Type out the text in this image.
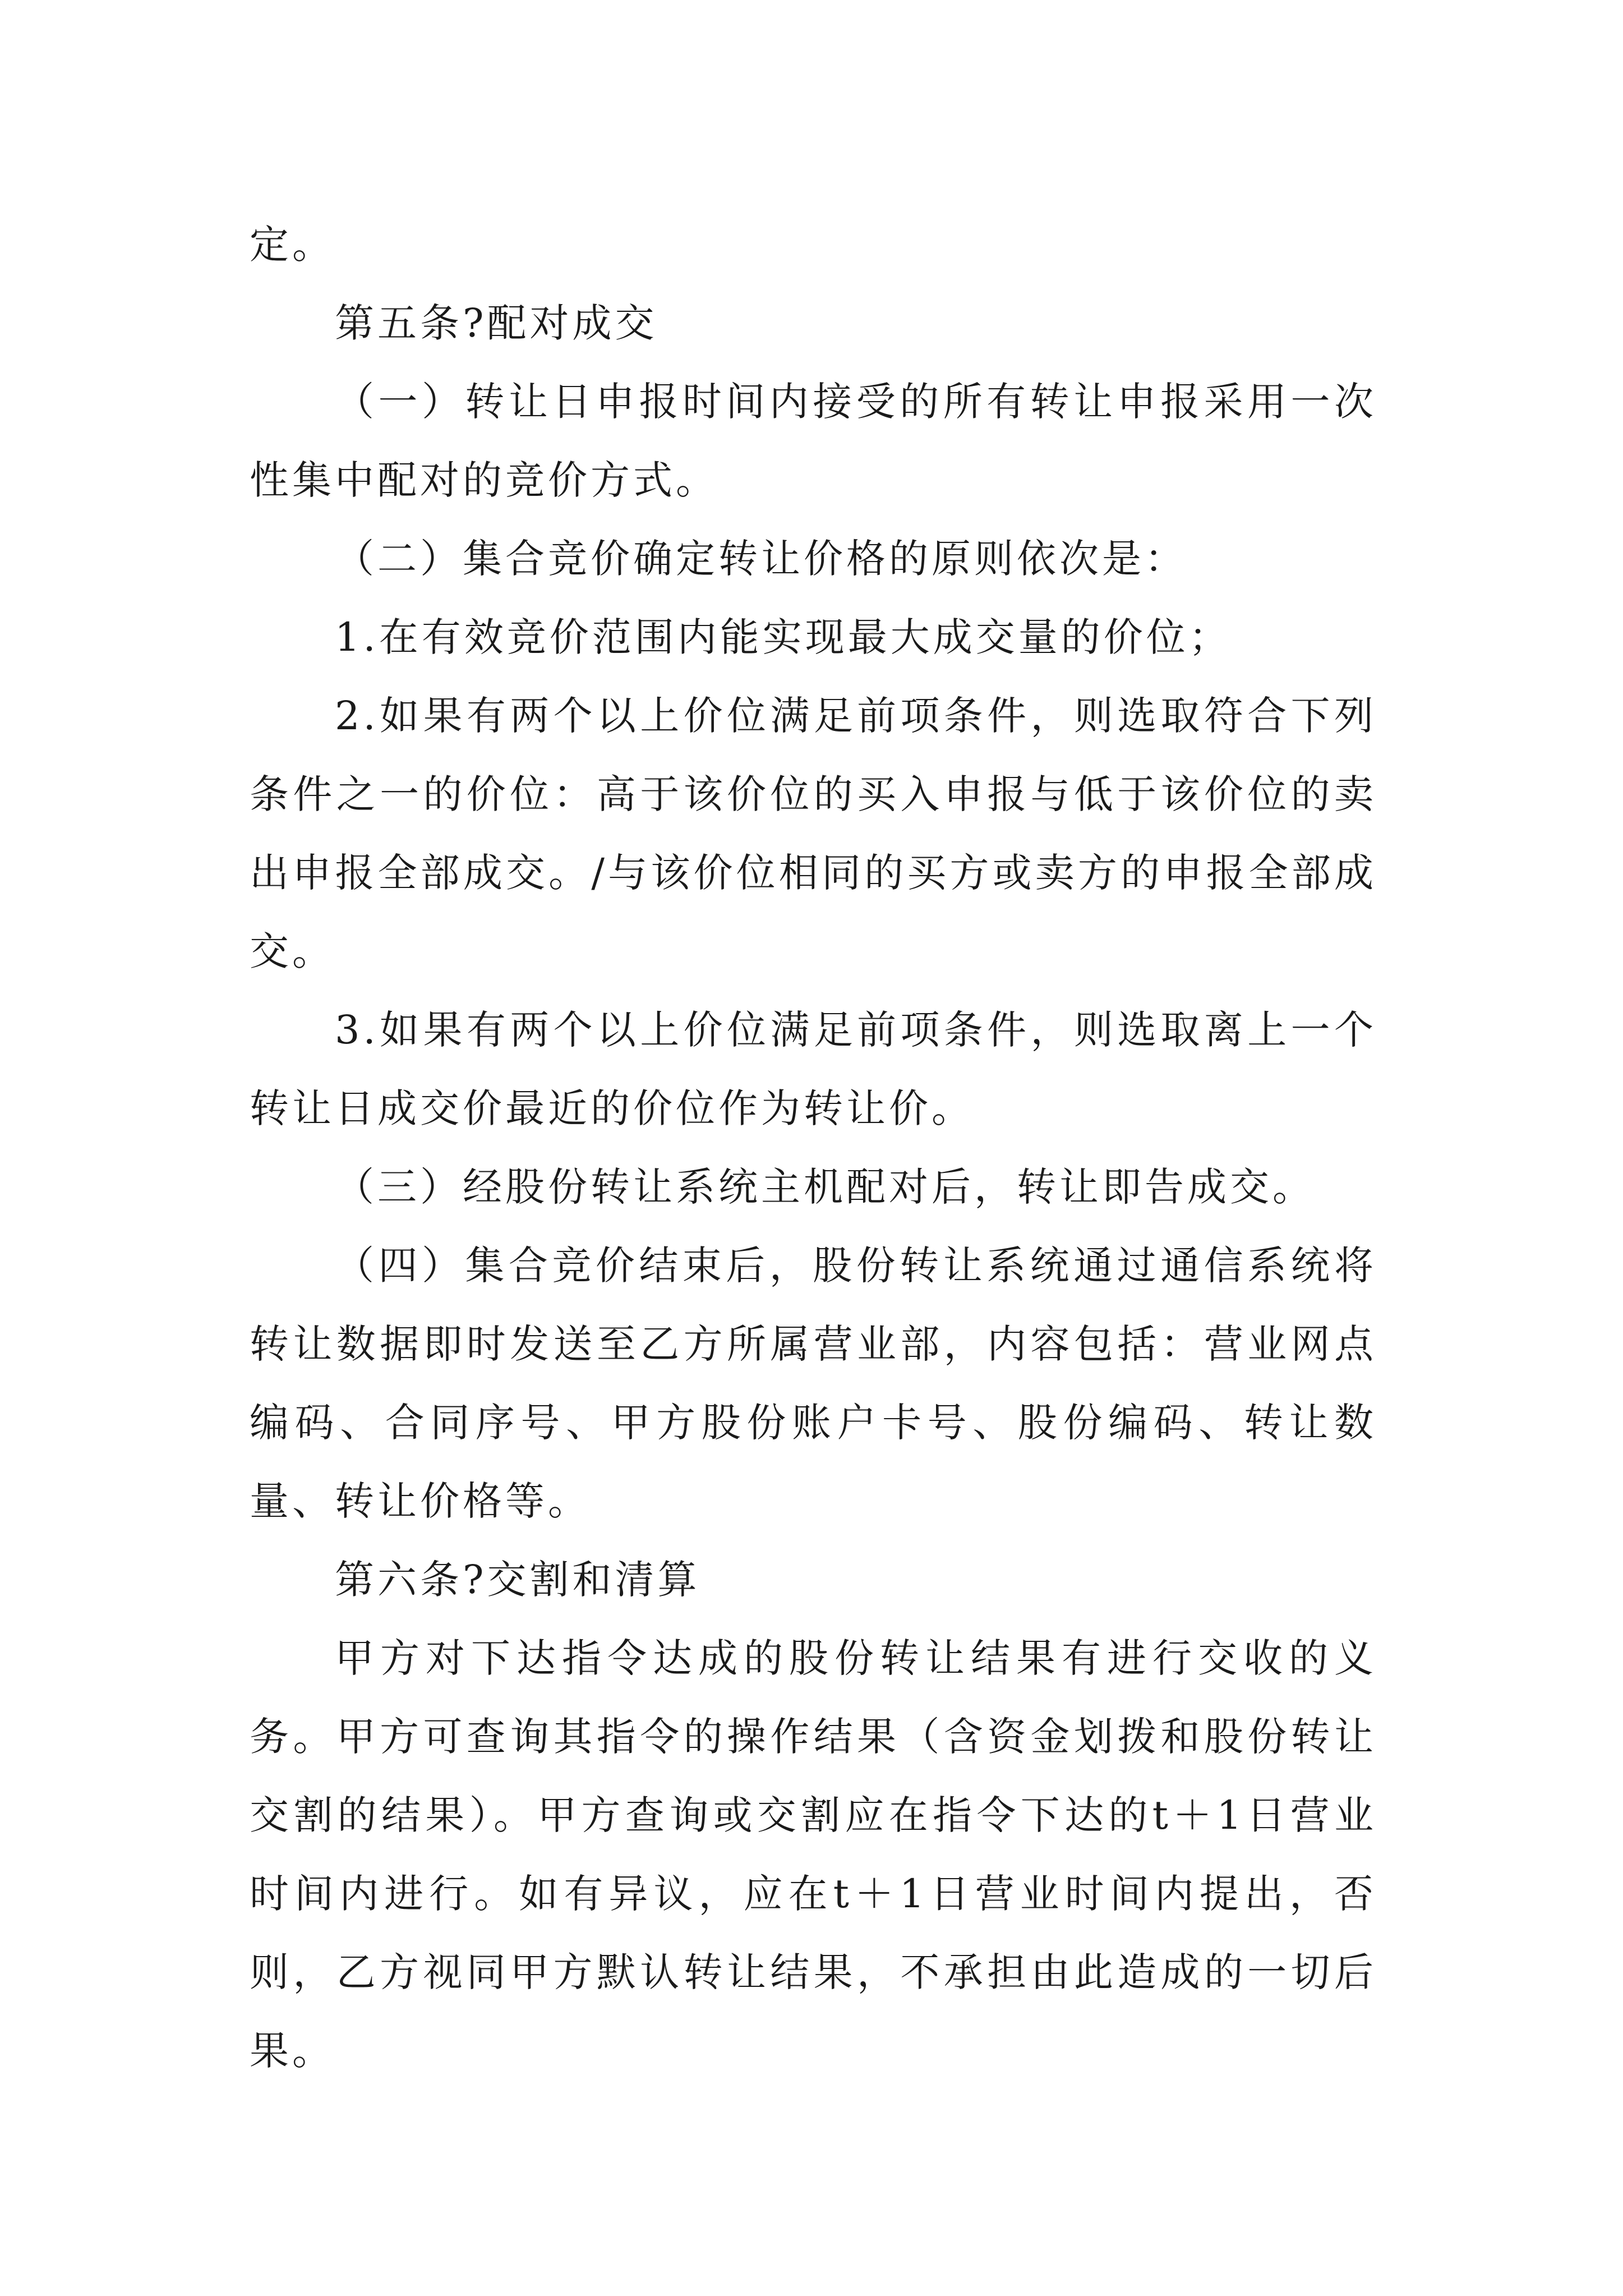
定。

第五条?配对成交

（一）转让日申报时间内接受的所有转让申报采用一次性集中配对的竞价方式。

（二）集合竞价确定转让价格的原则依次是：

1.在有效竞价范围内能实现最大成交量的价位；

2.如果有两个以上价位满足前项条件，则选取符合下列条件之一的价位：高于该价位的买入申报与低于该价位的卖出申报全部成交。/与该价位相同的买方或卖方的申报全部成交。

3.如果有两个以上价位满足前项条件，则选取离上一个转让日成交价最近的价位作为转让价。

（三）经股份转让系统主机配对后，转让即告成交。

（四）集合竞价结束后，股份转让系统通过通信系统将转让数据即时发送至乙方所属营业部，内容包括：营业网点编码、合同序号、甲方股份账户卡号、股份编码、转让数量、转让价格等。

第六条?交割和清算

甲方对下达指令达成的股份转让结果有进行交收的义务。甲方可查询其指令的操作结果（含资金划拨和股份转让交割的结果）。甲方查询或交割应在指令下达的t＋1日营业时间内进行。如有异议，应在t＋1日营业时间内提出，否则，乙方视同甲方默认转让结果，不承担由此造成的一切后果。
